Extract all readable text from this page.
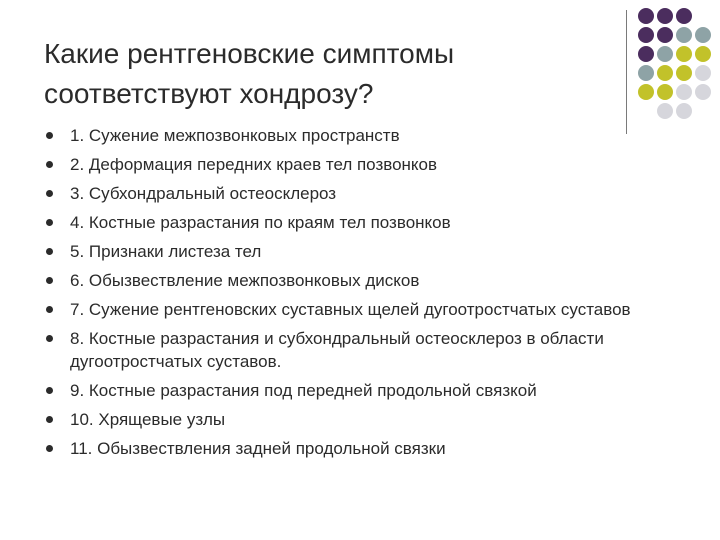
Какие рентгеновские симптомы
соответствуют хондрозу?
1. Сужение межпозвонковых пространств
2. Деформация передних краев тел позвонков
3. Субхондральный остеосклероз
4. Костные разрастания по краям тел позвонков
5. Признаки листеза тел
6. Обызвествление межпозвонковых дисков
7. Сужение рентгеновских суставных щелей дугоотростчатых суставов
8. Костные разрастания и субхондральный остеосклероз в области дугоотростчатых суставов.
9. Костные разрастания под передней продольной связкой
10. Хрящевые узлы
11. Обызвествления задней продольной связки
